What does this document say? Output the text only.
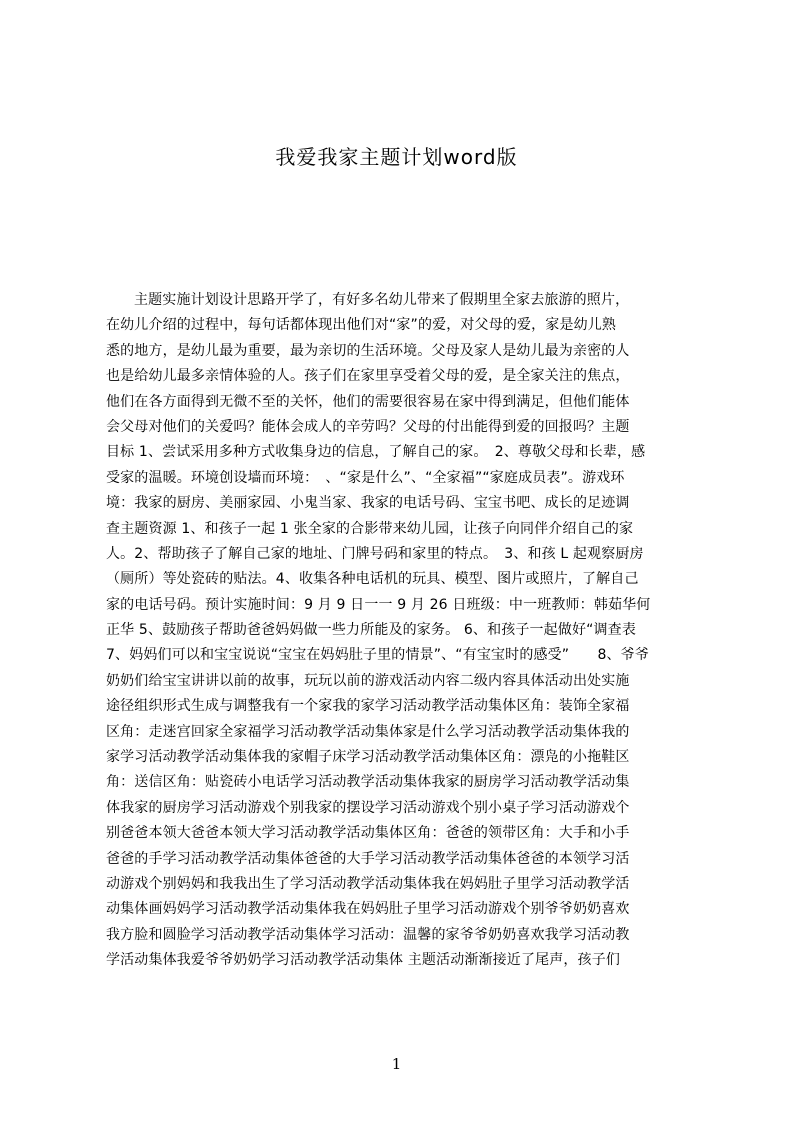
我爱我家主题计划word版
主题实施计划设计思路开学了，有好多名幼儿带来了假期里全家去旅游的照片，
在幼儿介绍的过程中，每句话都体现出他们对“家”的爱，对父母的爱，家是幼儿熟
悉的地方，是幼儿最为重要，最为亲切的生活环境。父母及家人是幼儿最为亲密的人
也是给幼儿最多亲情体验的人。孩子们在家里享受着父母的爱，是全家关注的焦点，
他们在各方面得到无微不至的关怀，他们的需要很容易在家中得到满足，但他们能体
会父母对他们的关爱吗？能体会成人的辛劳吗？父母的付出能得到爱的回报吗？主题
目标 1、尝试采用多种方式收集身边的信息，了解自己的家。　2、尊敬父母和长辈，感
受家的温暖。环境创设墙而环境：　、“家是什么”、“全家福”“家庭成员表”。游戏环
境：我家的厨房、美丽家园、小鬼当家、我家的电话号码、宝宝书吧、成长的足迹调
查主题资源 1、和孩子一起 1 张全家的合影带来幼儿园，让孩子向同伴介绍自己的家
人。2、帮助孩子了解自己家的地址、门牌号码和家里的特点。　3、和孩 L 起观察厨房
（厕所）等处瓷砖的贴法。4、收集各种电话机的玩具、模型、图片或照片，了解自己
家的电话号码。预计实施时间：9 月 9 日一一 9 月 26 日班级：中一班教师：韩茹华何
正华 5、鼓励孩子帮助爸爸妈妈做一些力所能及的家务。 6、和孩子一起做好“调查表
7、妈妈们可以和宝宝说说“宝宝在妈妈肚子里的情景”、“有宝宝时的感受”　　8、爷爷
奶奶们给宝宝讲讲以前的故事，玩玩以前的游戏活动内容二级内容具体活动出处实施
途径组织形式生成与调整我有一个家我的家学习活动教学活动集体区角：装饰全家福
区角：走迷宫回家全家福学习活动教学活动集体家是什么学习活动教学活动集体我的
家学习活动教学活动集体我的家帽子床学习活动教学活动集体区角：漂凫的小拖鞋区
角：送信区角：贴瓷砖小电话学习活动教学活动集体我家的厨房学习活动教学活动集
体我家的厨房学习活动游戏个别我家的摆设学习活动游戏个别小桌子学习活动游戏个
别爸爸本领大爸爸本领大学习活动教学活动集体区角：爸爸的领带区角：大手和小手
爸爸的手学习活动教学活动集体爸爸的大手学习活动教学活动集体爸爸的本领学习活
动游戏个别妈妈和我我出生了学习活动教学活动集体我在妈妈肚子里学习活动教学活
动集体画妈妈学习活动教学活动集体我在妈妈肚子里学习活动游戏个别爷爷奶奶喜欢
我方脸和圆脸学习活动教学活动集体学习活动：温馨的家爷爷奶奶喜欢我学习活动教
学活动集体我爱爷爷奶奶学习活动教学活动集体 主题活动渐渐接近了尾声，孩子们
1
